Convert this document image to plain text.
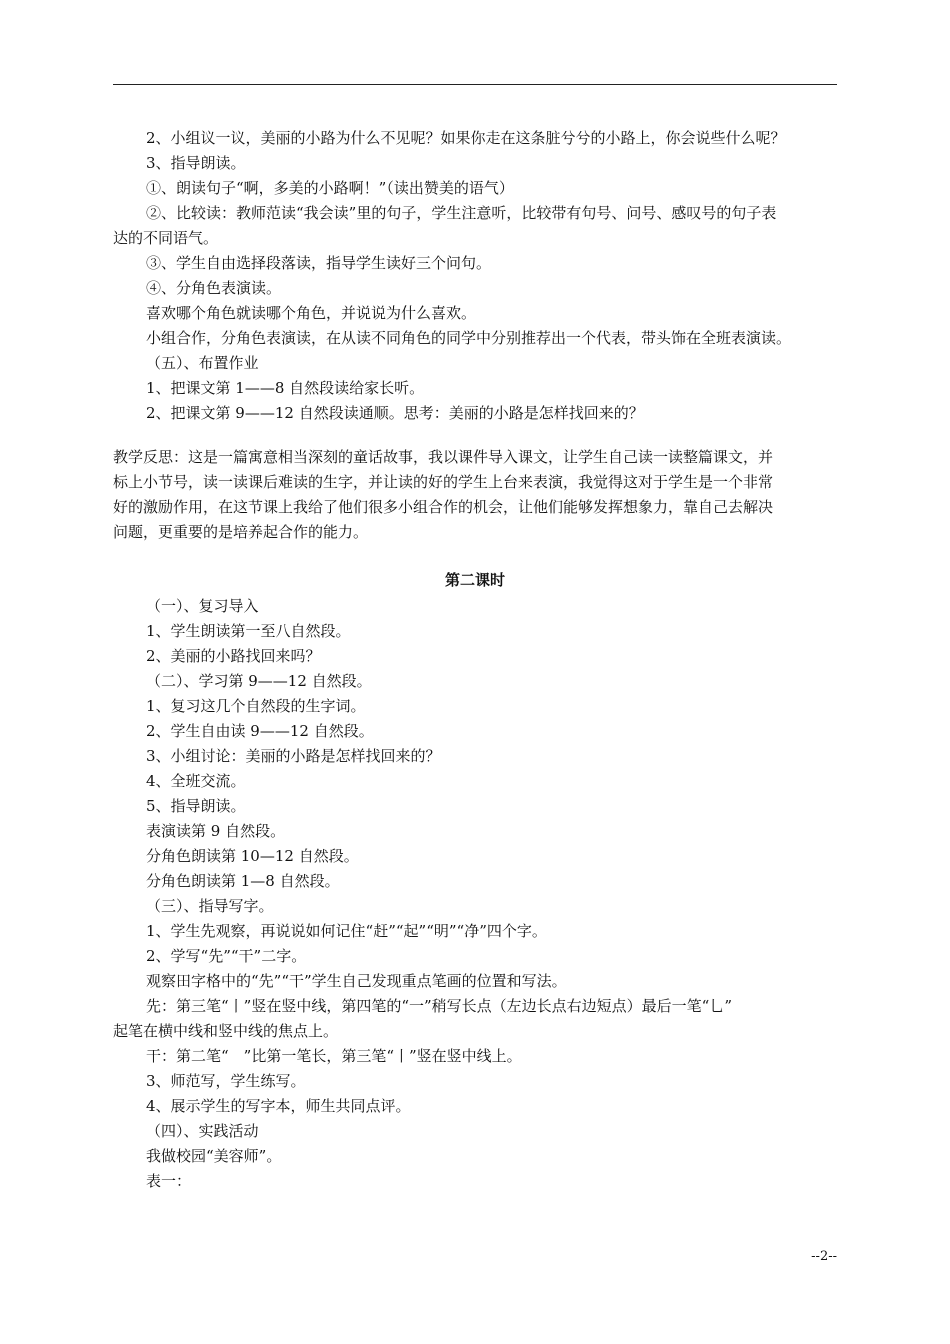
2、小组议一议，美丽的小路为什么不见呢？如果你走在这条脏兮兮的小路上，你会说些什么呢？
3、指导朗读。
①、朗读句子“啊，多美的小路啊！”（读出赞美的语气）
②、比较读：教师范读“我会读”里的句子，学生注意听，比较带有句号、问号、感叹号的句子表
达的不同语气。
③、学生自由选择段落读，指导学生读好三个问句。
④、分角色表演读。
喜欢哪个角色就读哪个角色，并说说为什么喜欢。
小组合作，分角色表演读，在从读不同角色的同学中分别推荐出一个代表，带头饰在全班表演读。
（五）、布置作业
1、把课文第 1——8 自然段读给家长听。
2、把课文第 9——12 自然段读通顺。思考：美丽的小路是怎样找回来的？
教学反思：这是一篇寓意相当深刻的童话故事，我以课件导入课文，让学生自己读一读整篇课文，并
标上小节号，读一读课后难读的生字，并让读的好的学生上台来表演，我觉得这对于学生是一个非常
好的激励作用，在这节课上我给了他们很多小组合作的机会，让他们能够发挥想象力，靠自己去解决
问题，更重要的是培养起合作的能力。
第二课时
（一）、复习导入
1、学生朗读第一至八自然段。
2、美丽的小路找回来吗？
（二）、学习第 9——12 自然段。
1、复习这几个自然段的生字词。
2、学生自由读 9——12 自然段。
3、小组讨论：美丽的小路是怎样找回来的？
4、全班交流。
5、指导朗读。
表演读第 9 自然段。
分角色朗读第 10—12 自然段。
分角色朗读第 1—8 自然段。
（三）、指导写字。
1、学生先观察，再说说如何记住“赶”“起”“明”“净”四个字。
2、学写“先”“干”二字。
观察田字格中的“先”“干”学生自己发现重点笔画的位置和写法。
先：第三笔“丨”竖在竖中线，第四笔的“一”稍写长点（左边长点右边短点）最后一笔“乚”
起笔在横中线和竖中线的焦点上。
干：第二笔“　”比第一笔长，第三笔“丨”竖在竖中线上。
3、师范写，学生练写。
4、展示学生的写字本，师生共同点评。
（四）、实践活动
我做校园“美容师”。
表一：
--2--
